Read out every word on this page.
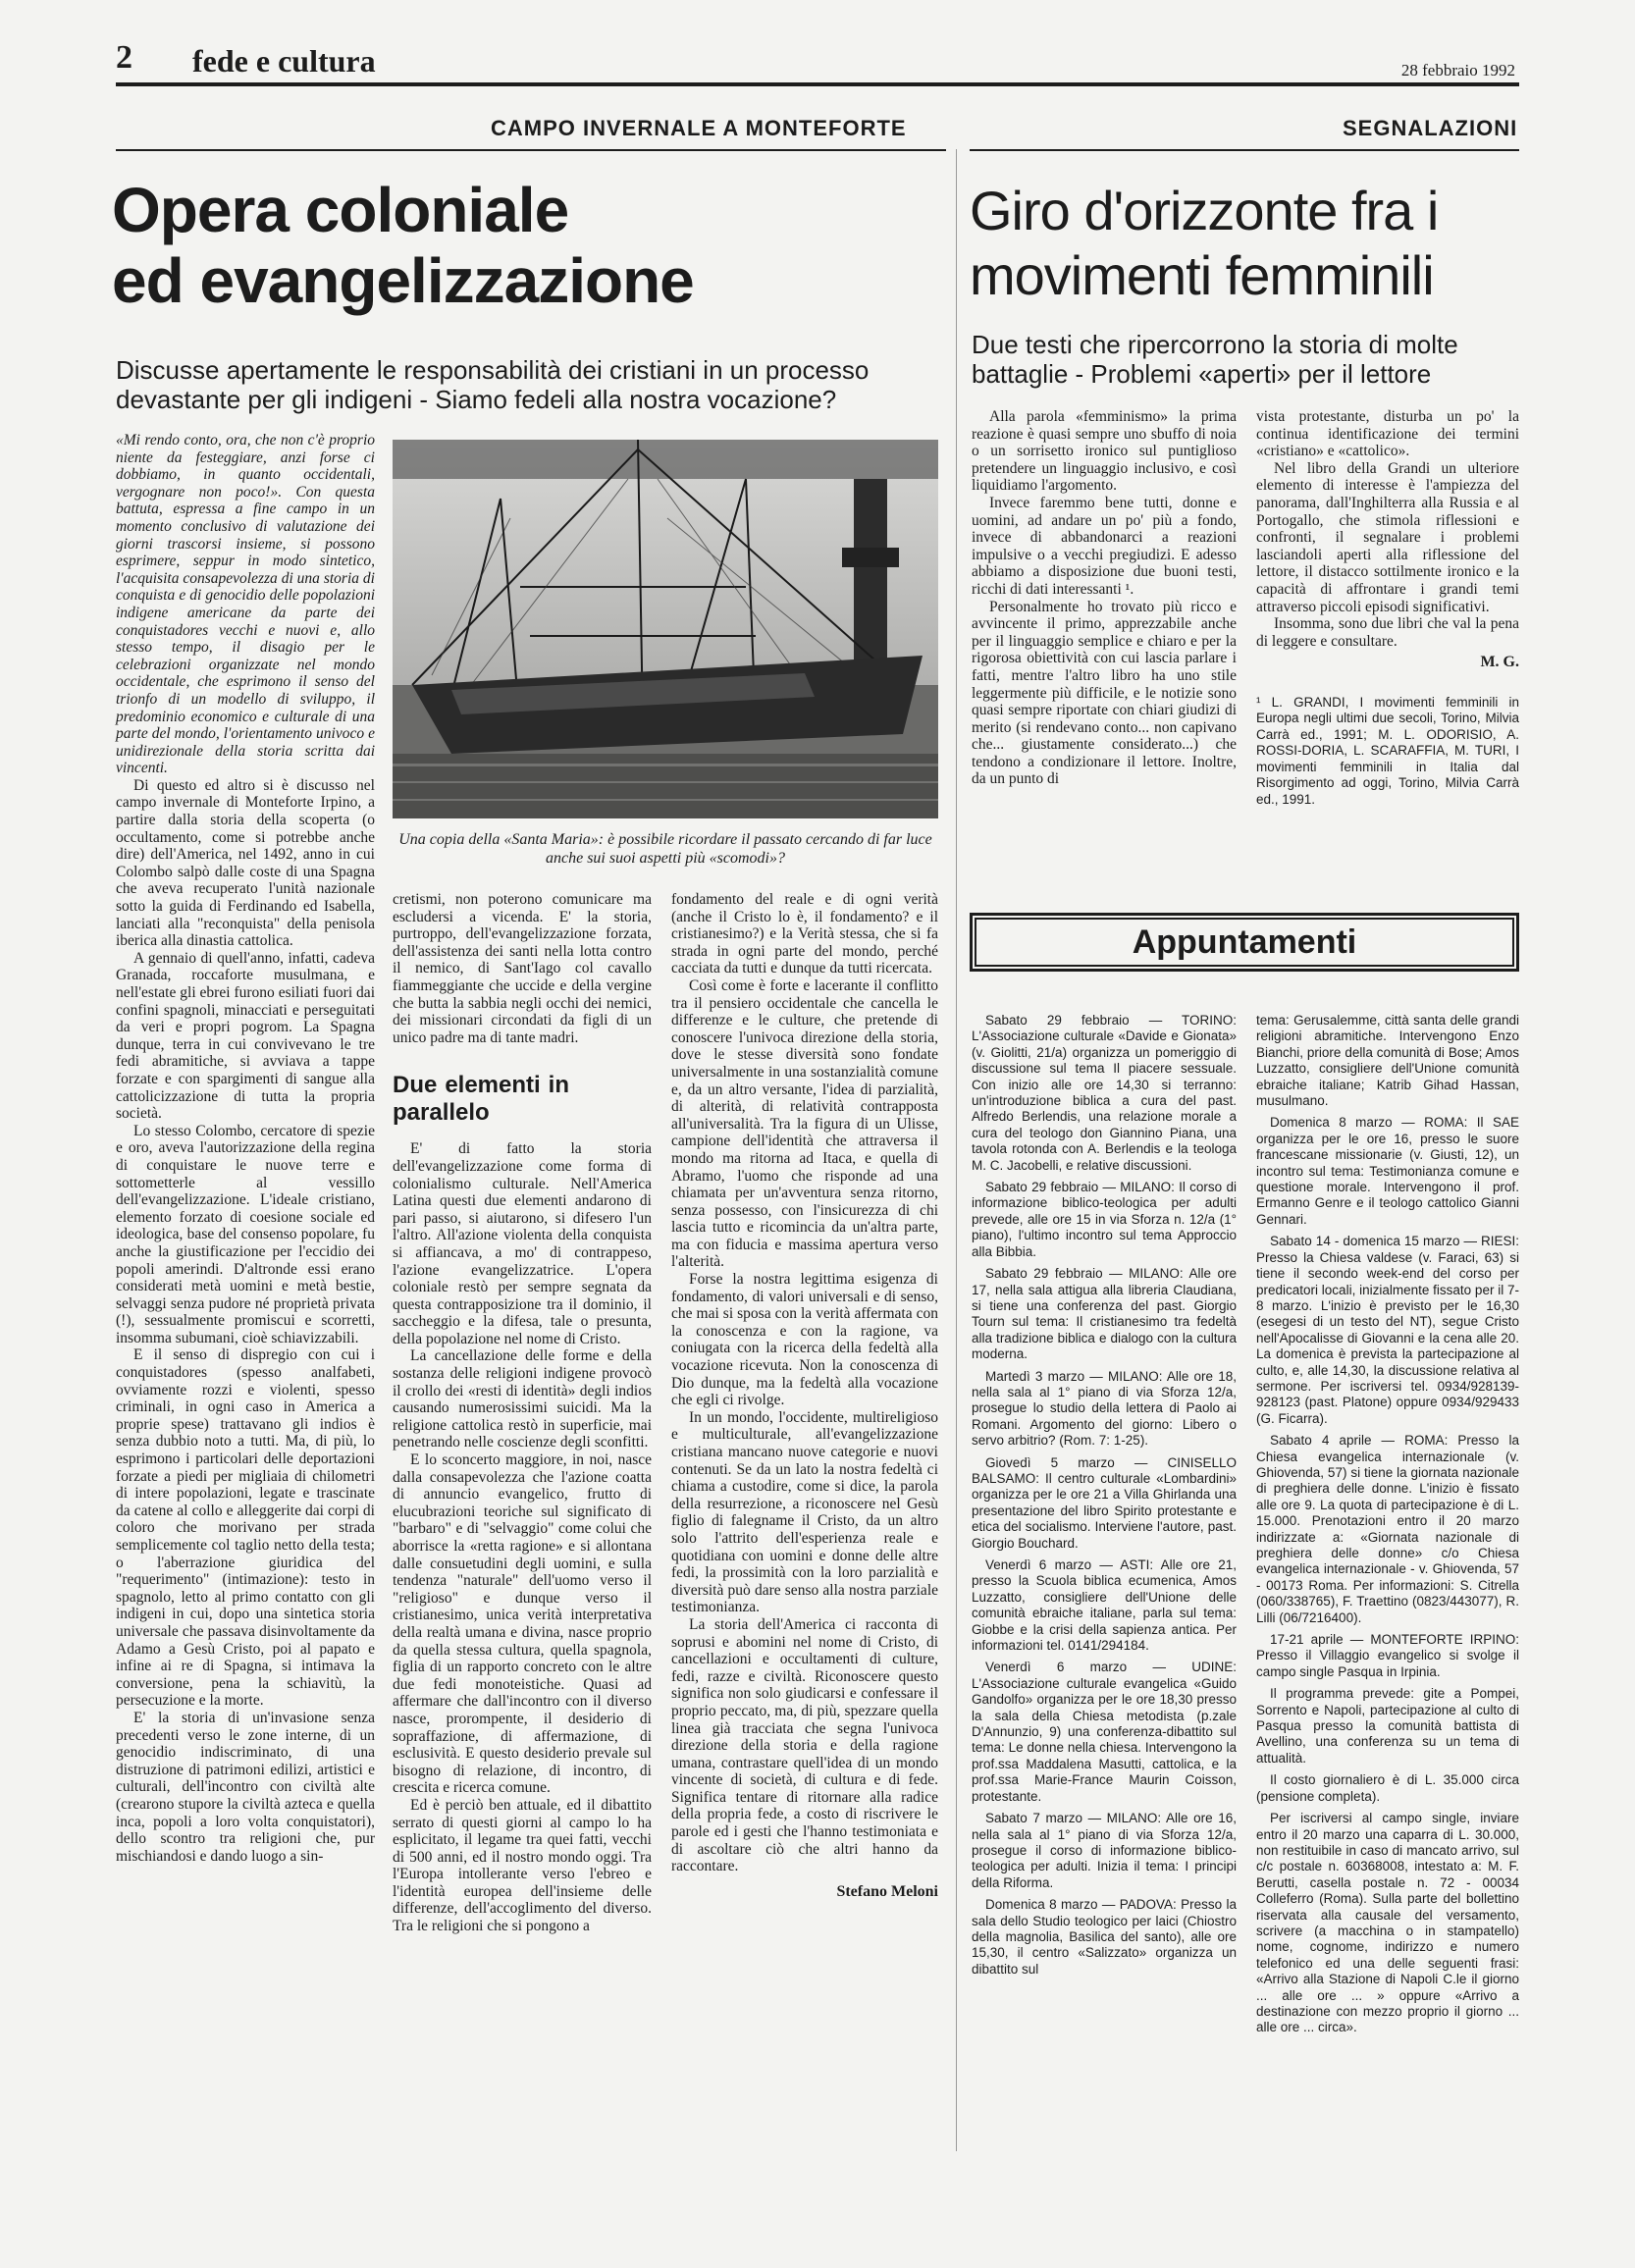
2 fede e cultura	28 febbraio 1992
CAMPO INVERNALE A MONTEFORTE
Opera coloniale
ed evangelizzazione
Discusse apertamente le responsabilità dei cristiani in un processo devastante per gli indigeni - Siamo fedeli alla nostra vocazione?

«Mi rendo conto, ora, che non c'è proprio niente da festeggiare, anzi forse ci dobbiamo, in quanto occidentali, vergognare non poco!». Con questa battuta, espressa a fine campo in un momento conclusivo di valutazione dei giorni trascorsi insieme, si possono esprimere, seppur in modo sintetico, l'acquisita consapevolezza di una storia di conquista e di genocidio delle popolazioni indigene americane da parte dei conquistadores vecchi e nuovi e, allo stesso tempo, il disagio per le celebrazioni organizzate nel mondo occidentale, che esprimono il senso del trionfo di un modello di sviluppo, il predominio economico e culturale di una parte del mondo, l'orientamento univoco e unidirezionale della storia scritta dai vincenti.

Di questo ed altro si è discusso nel campo invernale di Monteforte Irpino, a partire dalla storia della scoperta (o occultamento, come si potrebbe anche dire) dell'America, nel 1492, anno in cui Colombo salpò dalle coste di una Spagna che aveva recuperato l'unità nazionale sotto la guida di Ferdinando ed Isabella, lanciati alla "reconquista" della penisola iberica alla dinastia cattolica.

A gennaio di quell'anno, infatti, cadeva Granada, roccaforte musulmana, e nell'estate gli ebrei furono esiliati fuori dai confini spagnoli, minacciati e perseguitati da veri e propri pogrom. La Spagna dunque, terra in cui convivevano le tre fedi abramitiche, si avviava a tappe forzate e con spargimenti di sangue alla cattolicizzazione di tutta la propria società.

Lo stesso Colombo, cercatore di spezie e oro, aveva l'autorizzazione della regina di conquistare le nuove terre e sottometterle al vessillo dell'evangelizzazione. L'ideale cristiano, elemento forzato di coesione sociale ed ideologica, base del consenso popolare, fu anche la giustificazione per l'eccidio dei popoli amerindi. D'altronde essi erano considerati metà uomini e metà bestie, selvaggi senza pudore né proprietà privata (!), sessualmente promiscui e scorretti, insomma subumani, cioè schiavizzabili.

E il senso di dispregio con cui i conquistadores (spesso analfabeti, ovviamente rozzi e violenti, spesso criminali, in ogni caso in America a proprie spese) trattavano gli indios è senza dubbio noto a tutti. Ma, di più, lo esprimono i particolari delle deportazioni forzate a piedi per migliaia di chilometri di intere popolazioni, legate e trascinate da catene al collo e alleggerite dai corpi di coloro che morivano per strada semplicemente col taglio netto della testa; o l'aberrazione giuridica del "requerimento" (intimazione): testo in spagnolo, letto al primo contatto con gli indigeni in cui, dopo una sintetica storia universale che passava disinvoltamente da Adamo a Gesù Cristo, poi al papato e infine ai re di Spagna, si intimava la conversione, pena la schiavitù, la persecuzione e la morte.

E' la storia di un'invasione senza precedenti verso le zone interne, di un genocidio indiscriminato, di una distruzione di patrimoni edilizi, artistici e culturali, dell'incontro con civiltà alte (crearono stupore la civiltà azteca e quella inca, popoli a loro volta conquistatori), dello scontro tra religioni che, pur mischiandosi e dando luogo a sin-

Una copia della «Santa Maria»: è possibile ricordare il passato cercando di far luce anche sui suoi aspetti più «scomodi»?

cretismi, non poterono comunicare ma escludersi a vicenda. E' la storia, purtroppo, dell'evangelizzazione forzata, dell'assistenza dei santi nella lotta contro il nemico, di Sant'Iago col cavallo fiammeggiante che uccide e della vergine che butta la sabbia negli occhi dei nemici, dei missionari circondati da figli di un unico padre ma di tante madri.

Due elementi in parallelo

E' di fatto la storia dell'evangelizzazione come forma di colonialismo culturale. Nell'America Latina questi due elementi andarono di pari passo, si aiutarono, si difesero l'un l'altro. All'azione violenta della conquista si affiancava, a mo' di contrappeso, l'azione evangelizzatrice. L'opera coloniale restò per sempre segnata da questa contrapposizione tra il dominio, il saccheggio e la difesa, tale o presunta, della popolazione nel nome di Cristo.

La cancellazione delle forme e della sostanza delle religioni indigene provocò il crollo dei «resti di identità» degli indios causando numerosissimi suicidi. Ma la religione cattolica restò in superficie, mai penetrando nelle coscienze degli sconfitti.

E lo sconcerto maggiore, in noi, nasce dalla consapevolezza che l'azione coatta di annuncio evangelico, frutto di elucubrazioni teoriche sul significato di "barbaro" e di "selvaggio" come colui che aborrisce la «retta ragione» e si allontana dalle consuetudini degli uomini, e sulla tendenza "naturale" dell'uomo verso il "religioso" e dunque verso il cristianesimo, unica verità interpretativa della realtà umana e divina, nasce proprio da quella stessa cultura, quella spagnola, figlia di un rapporto concreto con le altre due fedi monoteistiche. Quasi ad affermare che dall'incontro con il diverso nasce, prorompente, il desiderio di sopraffazione, di affermazione, di esclusività. E questo desiderio prevale sul bisogno di relazione, di incontro, di crescita e ricerca comune.

Ed è perciò ben attuale, ed il dibattito serrato di questi giorni al campo lo ha esplicitato, il legame tra quei fatti, vecchi di 500 anni, ed il nostro mondo oggi. Tra l'Europa intollerante verso l'ebreo e l'identità europea dell'insieme delle differenze, dell'accoglimento del diverso. Tra le religioni che si pongono a

fondamento del reale e di ogni verità (anche il Cristo lo è, il fondamento? e il cristianesimo?) e la Verità stessa, che si fa strada in ogni parte del mondo, perché cacciata da tutti e dunque da tutti ricercata.

Così come è forte e lacerante il conflitto tra il pensiero occidentale che cancella le differenze e le culture, che pretende di conoscere l'univoca direzione della storia, dove le stesse diversità sono fondate universalmente in una sostanzialità comune e, da un altro versante, l'idea di parzialità, di alterità, di relatività contrapposta all'universalità. Tra la figura di un Ulisse, campione dell'identità che attraversa il mondo ma ritorna ad Itaca, e quella di Abramo, l'uomo che risponde ad una chiamata per un'avventura senza ritorno, senza possesso, con l'insicurezza di chi lascia tutto e ricomincia da un'altra parte, ma con fiducia e massima apertura verso l'alterità.

Forse la nostra legittima esigenza di fondamento, di valori universali e di senso, che mai si sposa con la verità affermata con la conoscenza e con la ragione, va coniugata con la ricerca della fedeltà alla vocazione ricevuta. Non la conoscenza di Dio dunque, ma la fedeltà alla vocazione che egli ci rivolge.

In un mondo, l'occidente, multireligioso e multiculturale, all'evangelizzazione cristiana mancano nuove categorie e nuovi contenuti. Se da un lato la nostra fedeltà ci chiama a custodire, come si dice, la parola della resurrezione, a riconoscere nel Gesù figlio di falegname il Cristo, da un altro solo l'attrito dell'esperienza reale e quotidiana con uomini e donne delle altre fedi, la prossimità con la loro parzialità e diversità può dare senso alla nostra parziale testimonianza.

La storia dell'America ci racconta di soprusi e abomini nel nome di Cristo, di cancellazioni e occultamenti di culture, fedi, razze e civiltà. Riconoscere questo significa non solo giudicarsi e confessare il proprio peccato, ma, di più, spezzare quella linea già tracciata che segna l'univoca direzione della storia e della ragione umana, contrastare quell'idea di un mondo vincente di società, di cultura e di fede. Significa tentare di ritornare alla radice della propria fede, a costo di riscrivere le parole ed i gesti che l'hanno testimoniata e di ascoltare ciò che altri hanno da raccontare.

Stefano Meloni
SEGNALAZIONI
Giro d'orizzonte fra i
movimenti femminili
Due testi che ripercorrono la storia di molte battaglie - Problemi «aperti» per il lettore

Alla parola «femminismo» la prima reazione è quasi sempre uno sbuffo di noia o un sorrisetto ironico sul puntiglioso pretendere un linguaggio inclusivo, e così liquidiamo l'argomento.

Invece faremmo bene tutti, donne e uomini, ad andare un po' più a fondo, invece di abbandonarci a reazioni impulsive o a vecchi pregiudizi. E adesso abbiamo a disposizione due buoni testi, ricchi di dati interessanti ¹.

Personalmente ho trovato più ricco e avvincente il primo, apprezzabile anche per il linguaggio semplice e chiaro e per la rigorosa obiettività con cui lascia parlare i fatti, mentre l'altro libro ha uno stile leggermente più difficile, e le notizie sono quasi sempre riportate con chiari giudizi di merito (si rendevano conto... non capivano che... giustamente considerato...) che tendono a condizionare il lettore. Inoltre, da un punto di

vista protestante, disturba un po' la continua identificazione dei termini «cristiano» e «cattolico».

Nel libro della Grandi un ulteriore elemento di interesse è l'ampiezza del panorama, dall'Inghilterra alla Russia e al Portogallo, che stimola riflessioni e confronti, il segnalare i problemi lasciandoli aperti alla riflessione del lettore, il distacco sottilmente ironico e la capacità di affrontare i grandi temi attraverso piccoli episodi significativi.

Insomma, sono due libri che val la pena di leggere e consultare.

M. G.
¹ L. GRANDI, I movimenti femminili in Europa negli ultimi due secoli, Torino, Milvia Carrà ed., 1991; M. L. ODORISIO, A. ROSSI-DORIA, L. SCARAFFIA, M. TURI, I movimenti femminili in Italia dal Risorgimento ad oggi, Torino, Milvia Carrà ed., 1991.
Appuntamenti

Sabato 29 febbraio — TORINO: L'Associazione culturale «Davide e Gionata» (v. Giolitti, 21/a) organizza un pomeriggio di discussione sul tema Il piacere sessuale. Con inizio alle ore 14,30 si terranno: un'introduzione biblica a cura del past. Alfredo Berlendis, una relazione morale a cura del teologo don Giannino Piana, una tavola rotonda con A. Berlendis e la teologa M. C. Jacobelli, e relative discussioni.

Sabato 29 febbraio — MILANO: Il corso di informazione biblico-teologica per adulti prevede, alle ore 15 in via Sforza n. 12/a (1° piano), l'ultimo incontro sul tema Approccio alla Bibbia.

Sabato 29 febbraio — MILANO: Alle ore 17, nella sala attigua alla libreria Claudiana, si tiene una conferenza del past. Giorgio Tourn sul tema: Il cristianesimo tra fedeltà alla tradizione biblica e dialogo con la cultura moderna.

Martedì 3 marzo — MILANO: Alle ore 18, nella sala al 1° piano di via Sforza 12/a, prosegue lo studio della lettera di Paolo ai Romani. Argomento del giorno: Libero o servo arbitrio? (Rom. 7: 1-25).

Giovedì 5 marzo — CINISELLO BALSAMO: Il centro culturale «Lombardini» organizza per le ore 21 a Villa Ghirlanda una presentazione del libro Spirito protestante e etica del socialismo. Interviene l'autore, past. Giorgio Bouchard.

Venerdì 6 marzo — ASTI: Alle ore 21, presso la Scuola biblica ecumenica, Amos Luzzatto, consigliere dell'Unione delle comunità ebraiche italiane, parla sul tema: Giobbe e la crisi della sapienza antica. Per informazioni tel. 0141/294184.

Venerdì 6 marzo — UDINE: L'Associazione culturale evangelica «Guido Gandolfo» organizza per le ore 18,30 presso la sala della Chiesa metodista (p.zale D'Annunzio, 9) una conferenza-dibattito sul tema: Le donne nella chiesa. Intervengono la prof.ssa Maddalena Masutti, cattolica, e la prof.ssa Marie-France Maurin Coisson, protestante.

Sabato 7 marzo — MILANO: Alle ore 16, nella sala al 1° piano di via Sforza 12/a, prosegue il corso di informazione biblico-teologica per adulti. Inizia il tema: I principi della Riforma.

Domenica 8 marzo — PADOVA: Presso la sala dello Studio teologico per laici (Chiostro della magnolia, Basilica del santo), alle ore 15,30, il centro «Salizzato» organizza un dibattito sul

tema: Gerusalemme, città santa delle grandi religioni abramitiche. Intervengono Enzo Bianchi, priore della comunità di Bose; Amos Luzzatto, consigliere dell'Unione comunità ebraiche italiane; Katrib Gihad Hassan, musulmano.

Domenica 8 marzo — ROMA: Il SAE organizza per le ore 16, presso le suore francescane missionarie (v. Giusti, 12), un incontro sul tema: Testimonianza comune e questione morale. Intervengono il prof. Ermanno Genre e il teologo cattolico Gianni Gennari.

Sabato 14 - domenica 15 marzo — RIESI: Presso la Chiesa valdese (v. Faraci, 63) si tiene il secondo week-end del corso per predicatori locali, inizialmente fissato per il 7-8 marzo. L'inizio è previsto per le 16,30 (esegesi di un testo del NT), segue Cristo nell'Apocalisse di Giovanni e la cena alle 20. La domenica è prevista la partecipazione al culto, e, alle 14,30, la discussione relativa al sermone. Per iscriversi tel. 0934/928139-928123 (past. Platone) oppure 0934/929433 (G. Ficarra).

Sabato 4 aprile — ROMA: Presso la Chiesa evangelica internazionale (v. Ghiovenda, 57) si tiene la giornata nazionale di preghiera delle donne. L'inizio è fissato alle ore 9. La quota di partecipazione è di L. 15.000. Prenotazioni entro il 20 marzo indirizzate a: «Giornata nazionale di preghiera delle donne» c/o Chiesa evangelica internazionale - v. Ghiovenda, 57 - 00173 Roma. Per informazioni: S. Citrella (060/338765), F. Traettino (0823/443077), R. Lilli (06/7216400).

17-21 aprile — MONTEFORTE IRPINO: Presso il Villaggio evangelico si svolge il campo single Pasqua in Irpinia.

Il programma prevede: gite a Pompei, Sorrento e Napoli, partecipazione al culto di Pasqua presso la comunità battista di Avellino, una conferenza su un tema di attualità.

Il costo giornaliero è di L. 35.000 circa (pensione completa).

Per iscriversi al campo single, inviare entro il 20 marzo una caparra di L. 30.000, non restituibile in caso di mancato arrivo, sul c/c postale n. 60368008, intestato a: M. F. Berutti, casella postale n. 72 - 00034 Colleferro (Roma). Sulla parte del bollettino riservata alla causale del versamento, scrivere (a macchina o in stampatello) nome, cognome, indirizzo e numero telefonico ed una delle seguenti frasi: «Arrivo alla Stazione di Napoli C.le il giorno ... alle ore ... » oppure «Arrivo a destinazione con mezzo proprio il giorno ... alle ore ... circa».
